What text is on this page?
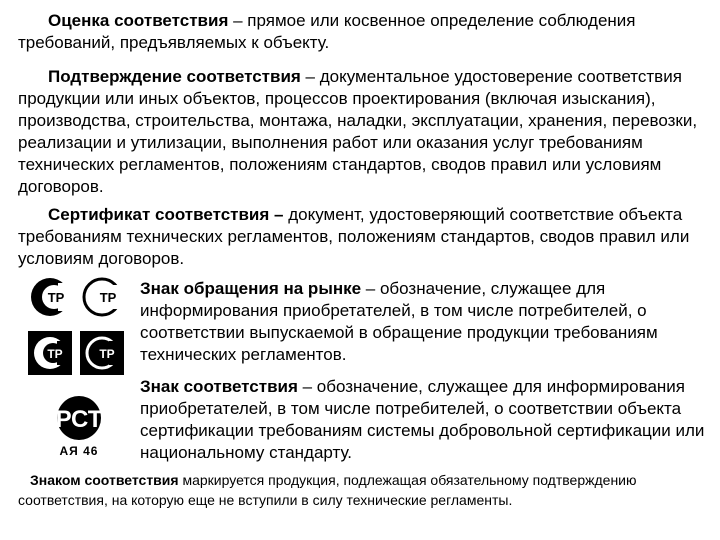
Оценка соответствия – прямое или косвенное определение соблюдения требований, предъявляемых к объекту.

Подтверждение соответствия – документальное удостоверение соответствия продукции или иных объектов, процессов проектирования (включая изыскания), производства, строительства, монтажа, наладки, эксплуатации, хранения, перевозки, реализации и утилизации, выполнения работ или оказания услуг требованиям технических регламентов, положениям стандартов, сводов правил или условиям договоров.

Сертификат соответствия – документ, удостоверяющий соответствие объекта требованиям технических регламентов, положениям стандартов, сводов правил или условиям договоров.

TP	TP
TP	TP

Знак обращения на рынке – обозначение, служащее для информирования приобретателей, в том числе потребителей, о соответствии выпускаемой в обращение продукции требованиям технических регламентов.

РСТ
АЯ 46

Знак соответствия – обозначение, служащее для информирования приобретателей, в том числе потребителей, о соответствии объекта сертификации требованиям системы добровольной сертификации или национальному стандарту.

Знаком соответствия маркируется продукция, подлежащая обязательному подтверждению соответствия, на которую еще не вступили в силу технические регламенты.
